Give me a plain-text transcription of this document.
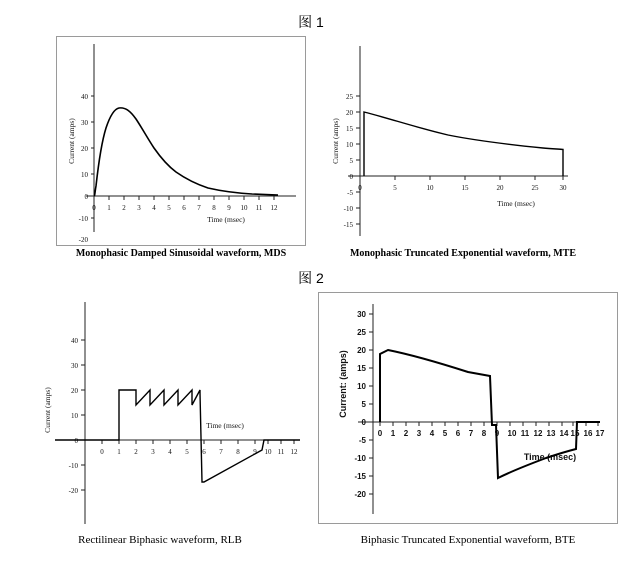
图 1
0
10
20
30
40
-10
-20
0 1 2 3 4 5 6 7 8 9 10 11 12
Time (msec)
Current (amps)
Monophasic Damped Sinusoidal waveform, MDS
0
5
10
15
20
25
-5
-10
-15
0	5	10	15	20	25	30
Time (msec)
Current (amps)
Monophasic Truncated Exponential waveform, MTE
图 2
0
10
20
30
40
-10
-20
0 1 2 3 4 5 6 7 8 9 10 11 12
Time (msec)
Current (amps)
Rectilinear Biphasic waveform, RLB
0
5
10
15
20
25
30
-5
-10
-15
-20
0 1 2 3 4 5 6 7 8 9 10 11 12 13 14 15 16 17
Time (msec)
Current: (amps)
Biphasic Truncated Exponential waveform, BTE
